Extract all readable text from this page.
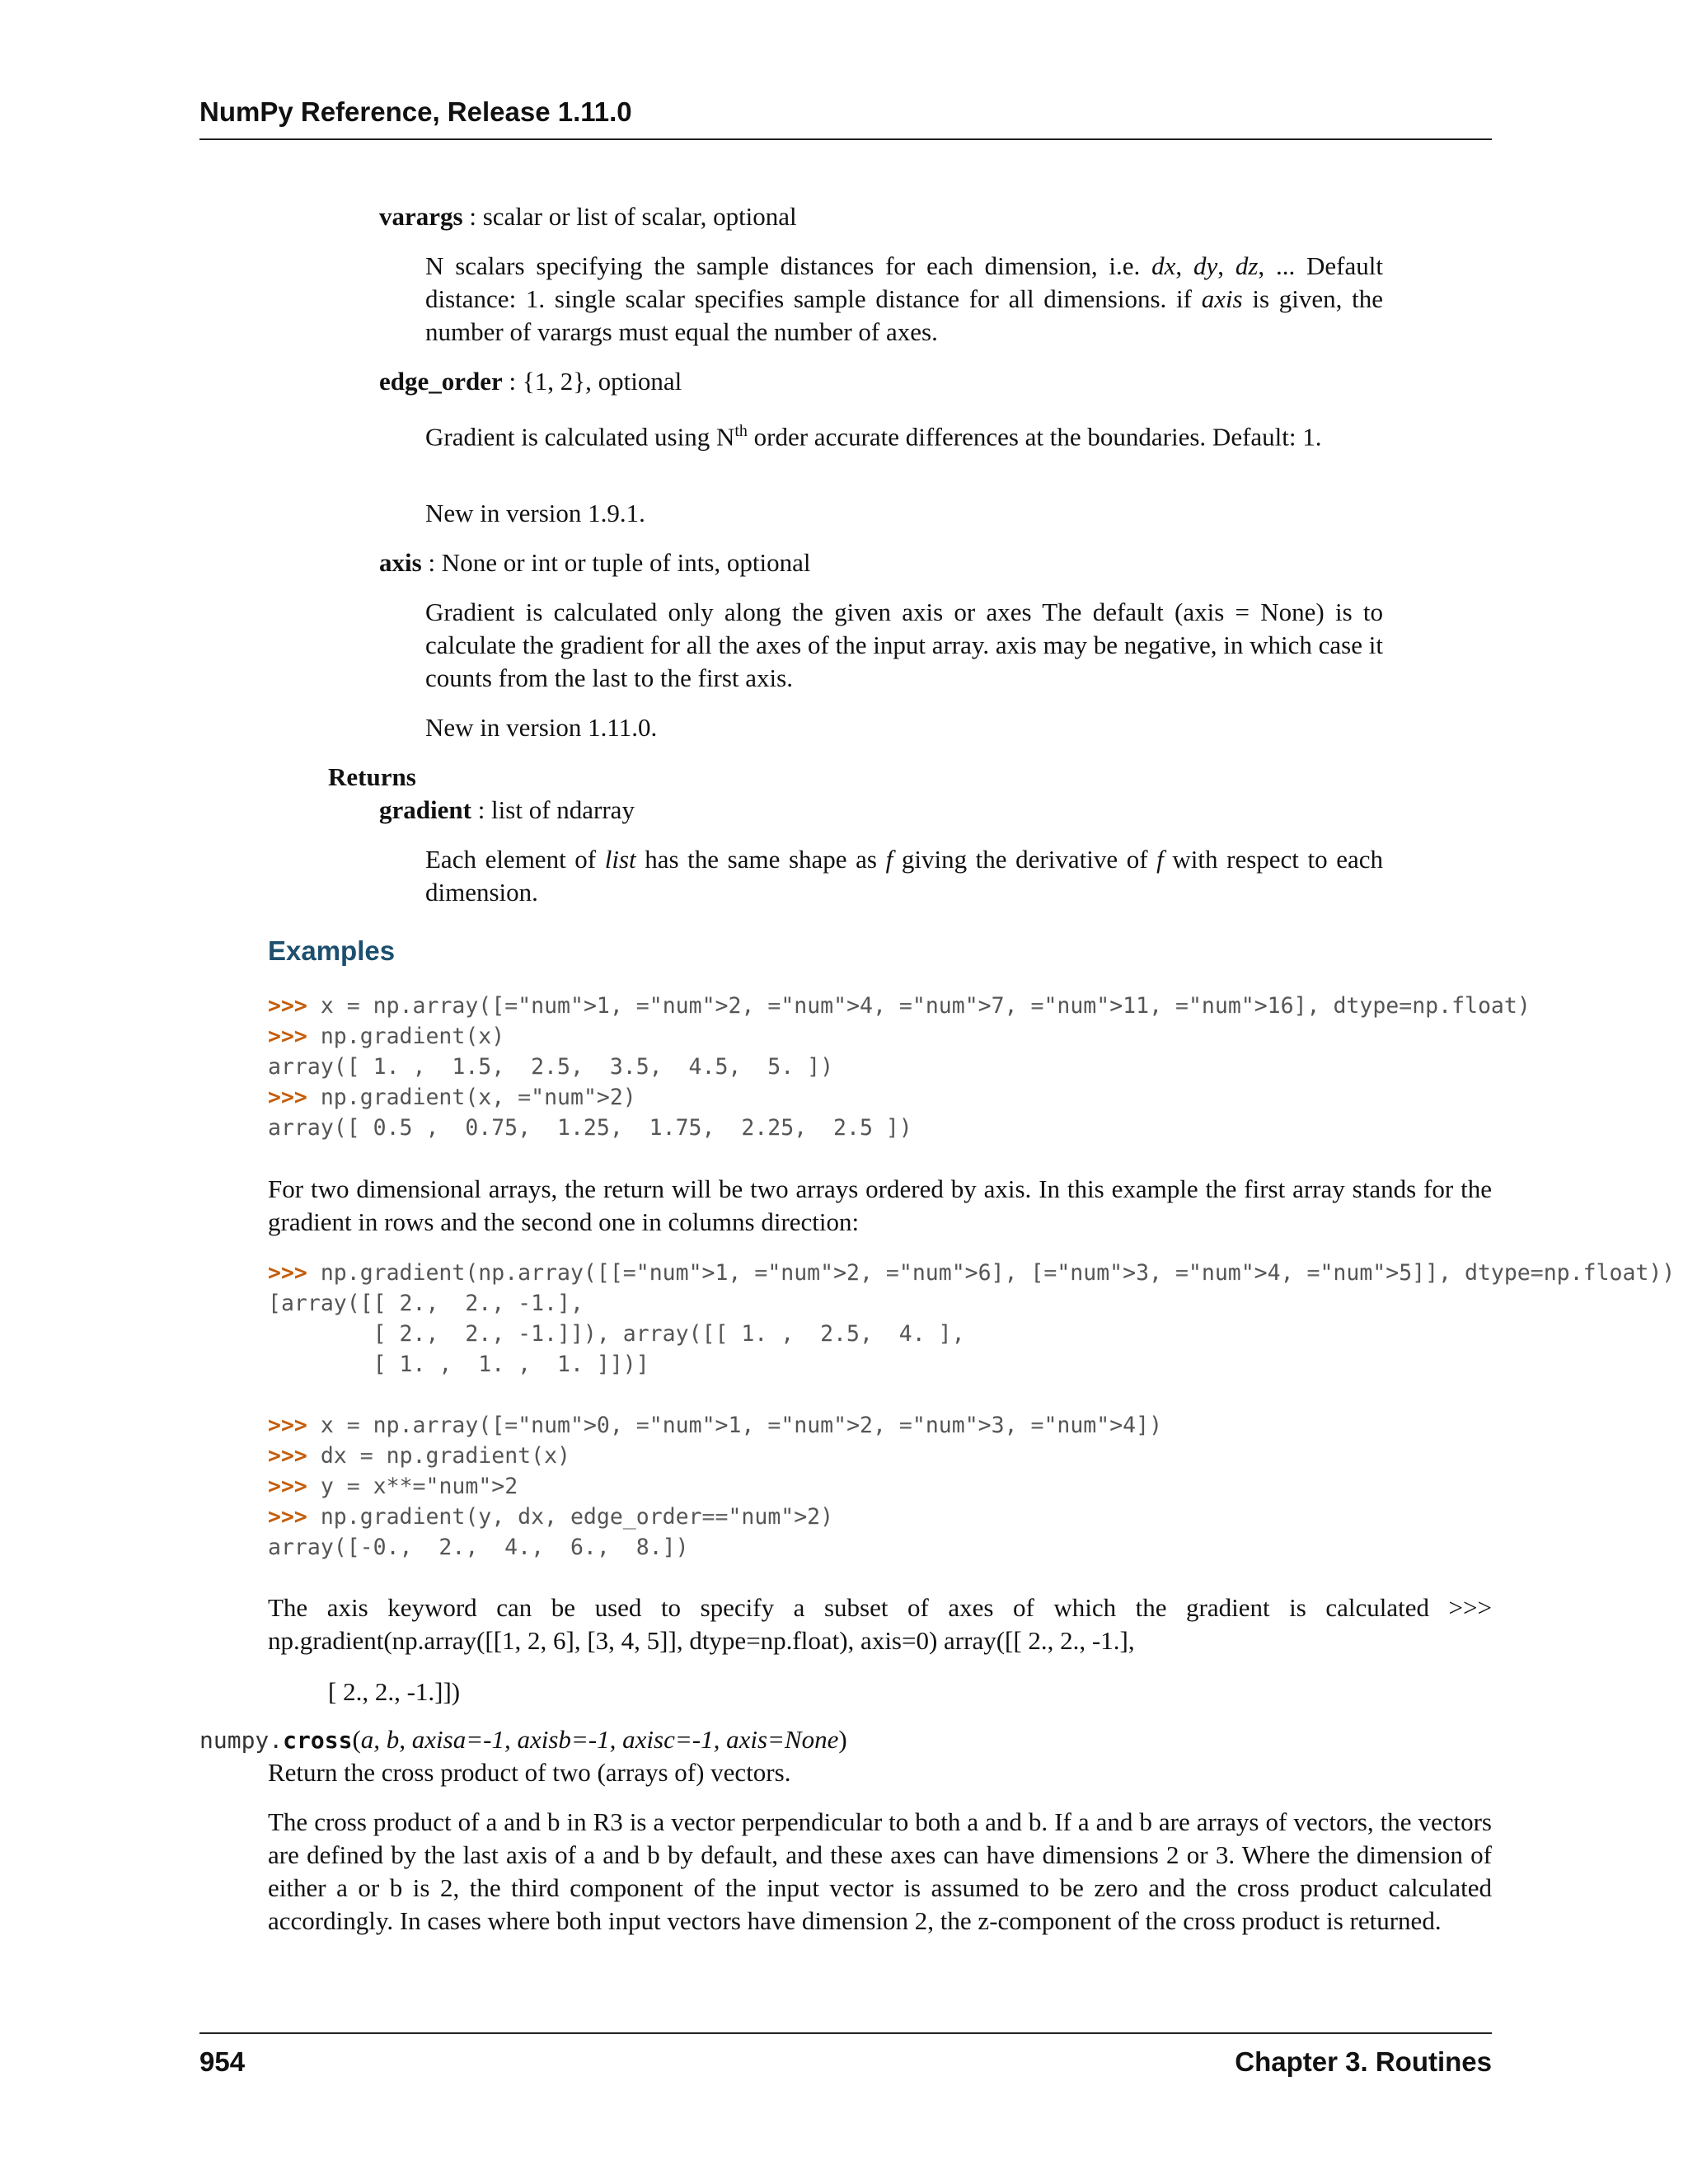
NumPy Reference, Release 1.11.0
varargs : scalar or list of scalar, optional
N scalars specifying the sample distances for each dimension, i.e. dx, dy, dz, ... Default distance: 1. single scalar specifies sample distance for all dimensions. if axis is given, the number of varargs must equal the number of axes.
edge_order : {1, 2}, optional
Gradient is calculated using $N^{th}$ order accurate differences at the boundaries. Default: 1.
New in version 1.9.1.
axis : None or int or tuple of ints, optional
Gradient is calculated only along the given axis or axes The default (axis = None) is to calculate the gradient for all the axes of the input array. axis may be negative, in which case it counts from the last to the first axis.
New in version 1.11.0.
Returns
gradient : list of ndarray
Each element of list has the same shape as f giving the derivative of f with respect to each dimension.
Examples
>>> x = np.array([="num">1, ="num">2, ="num">4, ="num">7, ="num">11, ="num">16], dtype=np.float)
>>> np.gradient(x)
array([ 1. ,  1.5,  2.5,  3.5,  4.5,  5. ])
>>> np.gradient(x, ="num">2)
array([ 0.5 ,  0.75,  1.25,  1.75,  2.25,  2.5 ])
For two dimensional arrays, the return will be two arrays ordered by axis. In this example the first array stands for the gradient in rows and the second one in columns direction:
>>> np.gradient(np.array([[="num">1, ="num">2, ="num">6], [="num">3, ="num">4, ="num">5]], dtype=np.float))
[array([[ 2.,  2., -1.],
[ 2.,  2., -1.]]), array([[ 1. ,  2.5,  4. ],
[ 1. ,  1. ,  1. ]])]
>>> x = np.array([="num">0, ="num">1, ="num">2, ="num">3, ="num">4])
>>> dx = np.gradient(x)
>>> y = x**="num">2
>>> np.gradient(y, dx, edge_order=="num">2)
array([-0.,  2.,  4.,  6.,  8.])
The axis keyword can be used to specify a subset of axes of which the gradient is calculated >>> np.gradient(np.array([[1, 2, 6], [3, 4, 5]], dtype=np.float), axis=0) array([[ 2., 2., -1.],
[ 2., 2., -1.]])
numpy.cross(a, b, axisa=-1, axisb=-1, axisc=-1, axis=None)
Return the cross product of two (arrays of) vectors.
The cross product of a and b in R3 is a vector perpendicular to both a and b. If a and b are arrays of vectors, the vectors are defined by the last axis of a and b by default, and these axes can have dimensions 2 or 3. Where the dimension of either a or b is 2, the third component of the input vector is assumed to be zero and the cross product calculated accordingly. In cases where both input vectors have dimension 2, the z-component of the cross product is returned.
954	Chapter 3. Routines
